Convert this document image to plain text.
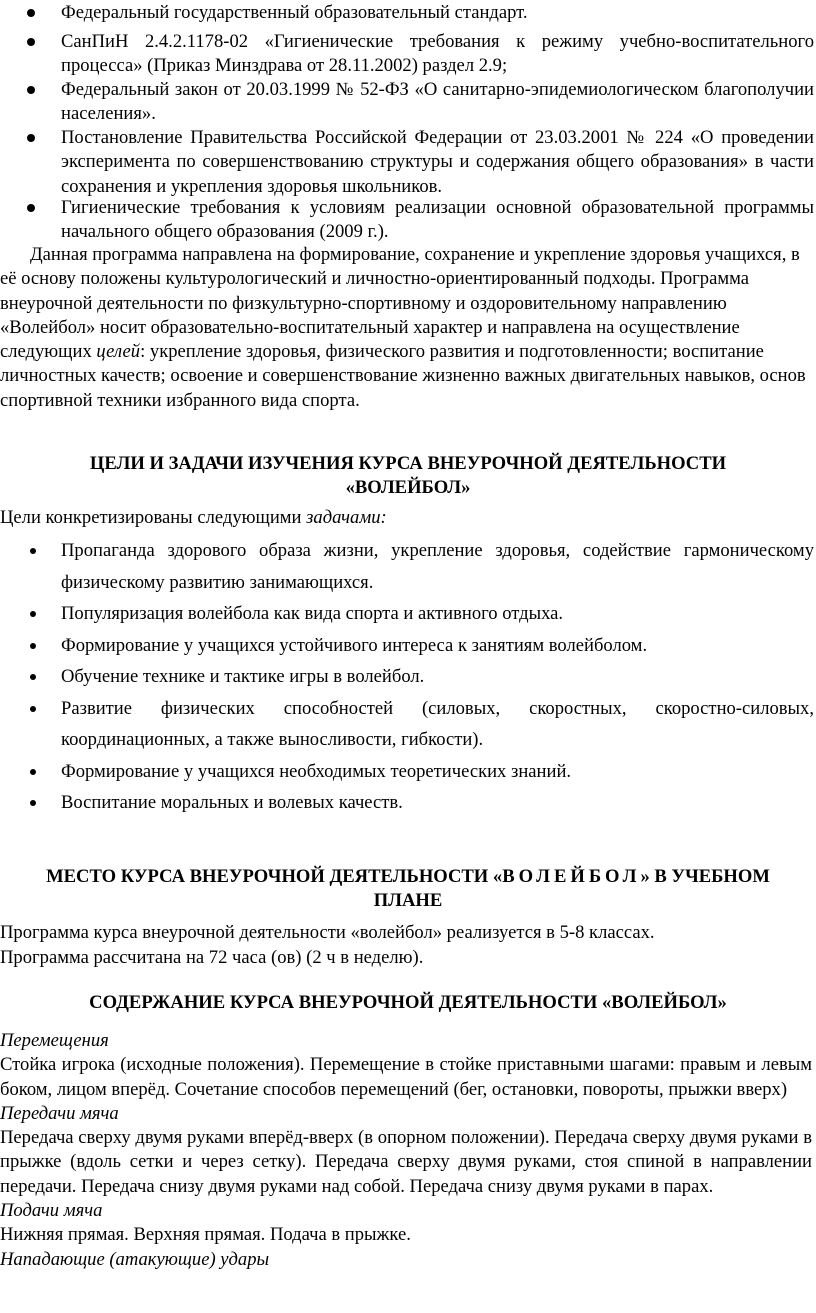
Федеральный государственный образовательный стандарт.
СанПиН 2.4.2.1178-02 «Гигиенические требования к режиму учебно-воспитательного процесса» (Приказ Минздрава от 28.11.2002) раздел 2.9;
Федеральный закон от 20.03.1999 № 52-ФЗ «О санитарно-эпидемиологическом благополучии населения».
Постановление Правительства Российской Федерации от 23.03.2001 № 224 «О проведении эксперимента по совершенствованию структуры и содержания общего образования» в части сохранения и укрепления здоровья школьников.
Гигиенические требования к условиям реализации основной образовательной программы начального общего образования (2009 г.).

Данная программа направлена на формирование, сохранение и укрепление здоровья учащихся, в её основу положены культурологический и личностно-ориентированный подходы. Программа внеурочной деятельности по физкультурно-спортивному и оздоровительному направлению «Волейбол» носит образовательно-воспитательный характер и направлена на осуществление следующих целей: укрепление здоровья, физического развития и подготовленности; воспитание личностных качеств; освоение и совершенствование жизненно важных двигательных навыков, основ спортивной техники избранного вида спорта.

ЦЕЛИ И ЗАДАЧИ ИЗУЧЕНИЯ КУРСА ВНЕУРОЧНОЙ ДЕЯТЕЛЬНОСТИ

«ВОЛЕЙБОЛ»

Цели конкретизированы следующими задачами:

Пропаганда здорового образа жизни, укрепление здоровья, содействие гармоническому физическому развитию занимающихся.
Популяризация волейбола как вида спорта и активного отдыха.
Формирование у учащихся устойчивого интереса к занятиям волейболом.
Обучение технике и тактике игры в волейбол.
Развитие физических способностей (силовых, скоростных, скоростно-силовых, координационных, а также выносливости, гибкости).
Формирование у учащихся необходимых теоретических знаний.
Воспитание моральных и волевых качеств.

МЕСТО КУРСА ВНЕУРОЧНОЙ ДЕЯТЕЛЬНОСТИ «ВОЛЕЙБОЛ» В УЧЕБНОМ

ПЛАНЕ

Программа курса внеурочной деятельности «волейбол» реализуется в 5-8 классах.

Программа рассчитана на 72 часа (ов) (2 ч в неделю).

СОДЕРЖАНИЕ КУРСА ВНЕУРОЧНОЙ ДЕЯТЕЛЬНОСТИ «ВОЛЕЙБОЛ»

Перемещения

Стойка игрока (исходные положения). Перемещение в стойке приставными шагами: правым и левым боком, лицом вперёд. Сочетание способов перемещений (бег, остановки, повороты, прыжки вверх)

Передачи мяча

Передача сверху двумя руками вперёд-вверх (в опорном положении). Передача сверху двумя руками в прыжке (вдоль сетки и через сетку). Передача сверху двумя руками, стоя спиной в направлении передачи. Передача снизу двумя руками над собой. Передача снизу двумя руками в парах.

Подачи мяча

Нижняя прямая. Верхняя прямая. Подача в прыжке.

Нападающие (атакующие) удары
